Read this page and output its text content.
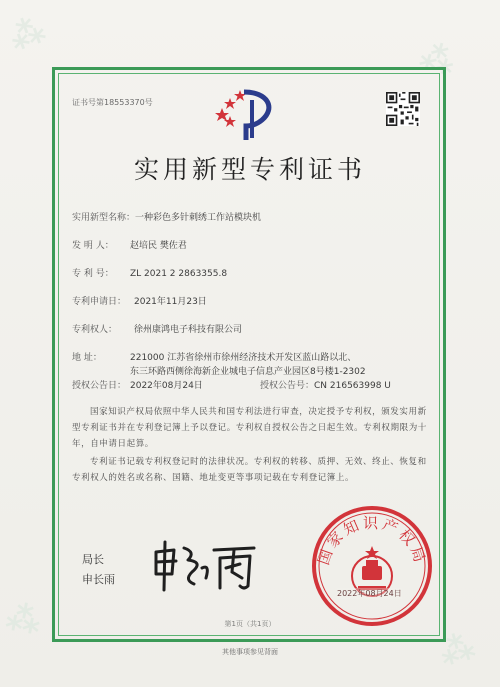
⁂
⁂
⁂
⁂
证书号第18553370号
实用新型专利证书
实用新型名称：一种彩色多针刺绣工作站模块机
发 明 人： 赵培民 樊佐君
专 利 号： ZL 2021 2 2863355.8
专利申请日： 2021年11月23日
专利权人： 徐州康鸿电子科技有限公司
地 址：	221000 江苏省徐州市徐州经济技术开发区蓝山路以北、
东三环路西侧徐海新企业城电子信息产业园区8号楼1-2302
授权公告日： 2022年08月24日	授权公告号：CN 216563998 U
国家知识产权局依照中华人民共和国专利法进行审查，决定授予专利权，颁发实用新型专利证书并在专利登记簿上予以登记。专利权自授权公告之日起生效。专利权期限为十年，自申请日起算。
专利证书记载专利权登记时的法律状况。专利权的转移、质押、无效、终止、恢复和专利权人的姓名或名称、国籍、地址变更等事项记载在专利登记簿上。
局长
申长雨
国家知识产权局
2022年08月24日
第1页（共1页）
其他事项参见背面
